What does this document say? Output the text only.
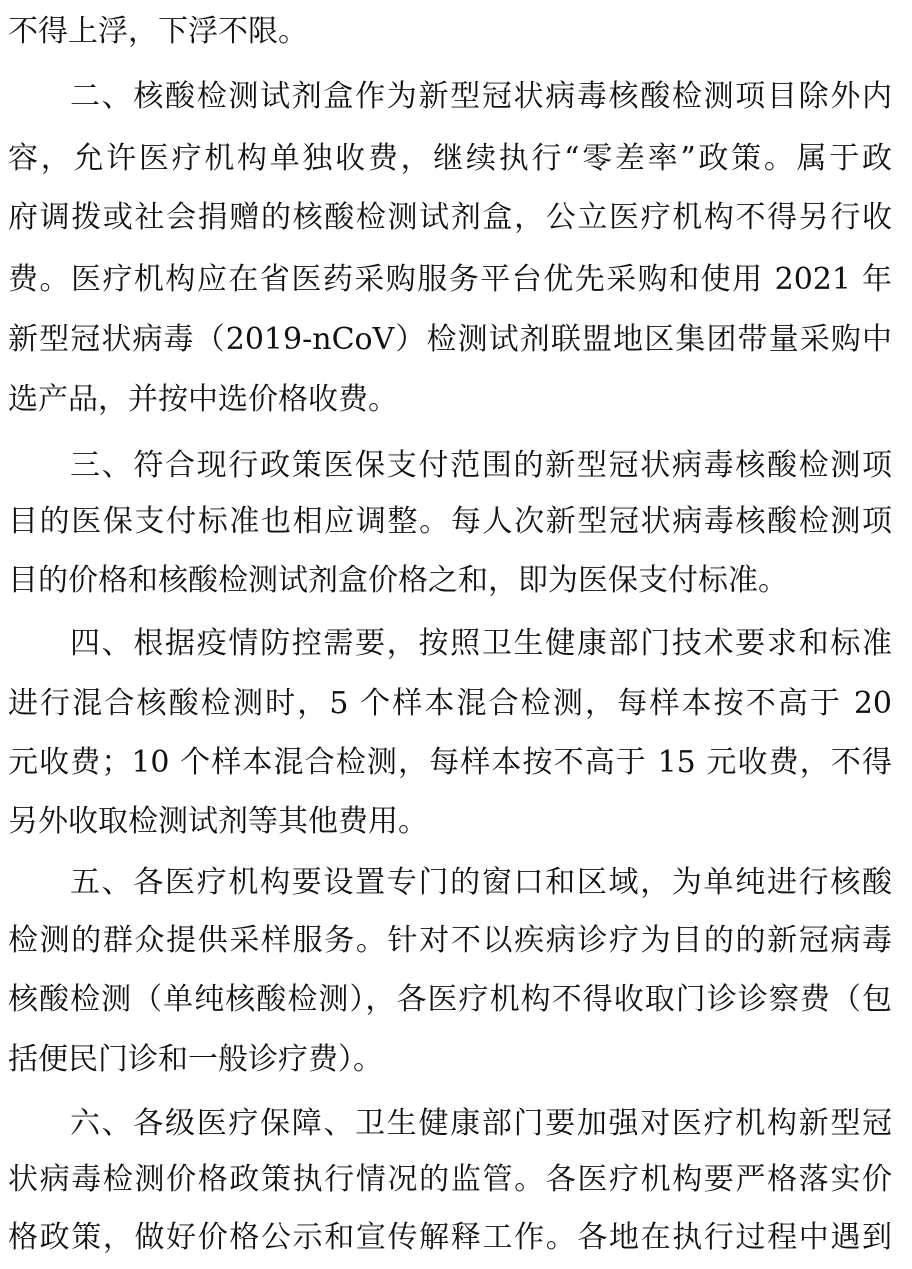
不得上浮，下浮不限。
二、核酸检测试剂盒作为新型冠状病毒核酸检测项目除外内
容，允许医疗机构单独收费，继续执行“零差率”政策。属于政
府调拨或社会捐赠的核酸检测试剂盒，公立医疗机构不得另行收
费。医疗机构应在省医药采购服务平台优先采购和使用 2021 年
新型冠状病毒（2019-nCoV）检测试剂联盟地区集团带量采购中
选产品，并按中选价格收费。
三、符合现行政策医保支付范围的新型冠状病毒核酸检测项
目的医保支付标准也相应调整。每人次新型冠状病毒核酸检测项
目的价格和核酸检测试剂盒价格之和，即为医保支付标准。
四、根据疫情防控需要，按照卫生健康部门技术要求和标准
进行混合核酸检测时，5 个样本混合检测，每样本按不高于 20
元收费；10 个样本混合检测，每样本按不高于 15 元收费，不得
另外收取检测试剂等其他费用。
五、各医疗机构要设置专门的窗口和区域，为单纯进行核酸
检测的群众提供采样服务。针对不以疾病诊疗为目的的新冠病毒
核酸检测（单纯核酸检测），各医疗机构不得收取门诊诊察费（包
括便民门诊和一般诊疗费）。
六、各级医疗保障、卫生健康部门要加强对医疗机构新型冠
状病毒检测价格政策执行情况的监管。各医疗机构要严格落实价
格政策，做好价格公示和宣传解释工作。各地在执行过程中遇到
